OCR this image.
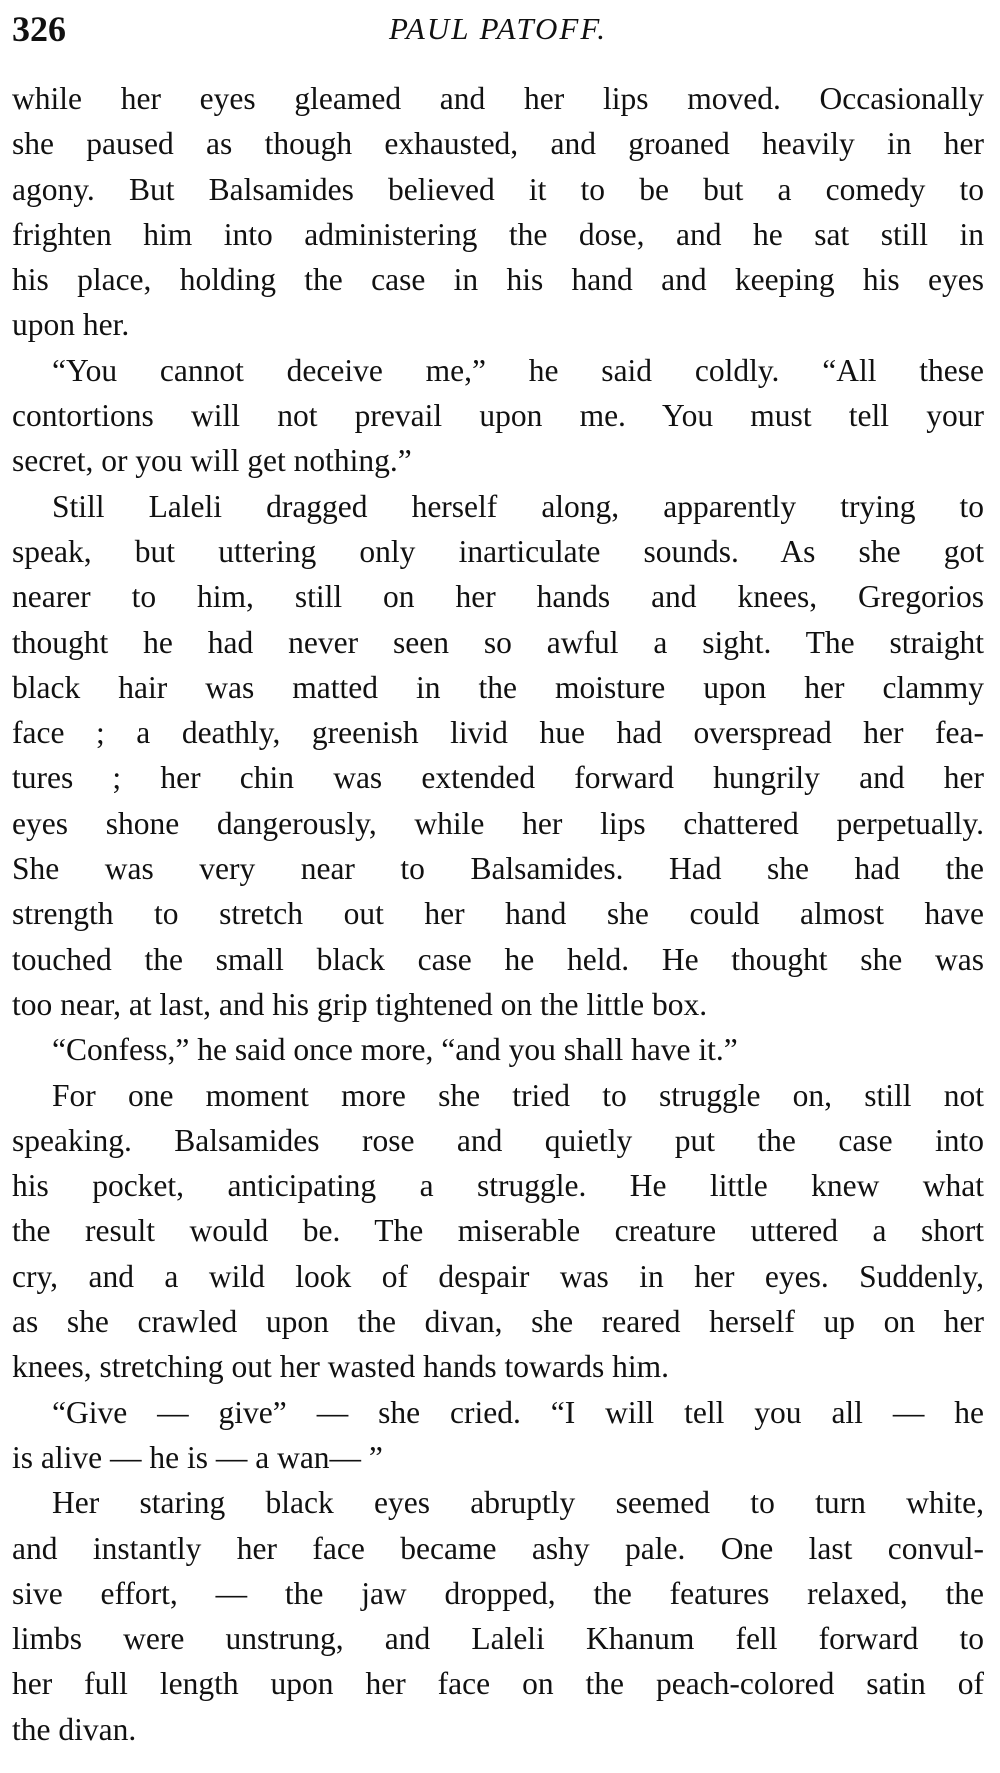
326	PAUL PATOFF.

while her eyes gleamed and her lips moved. Occasionally
she paused as though exhausted, and groaned heavily in her
agony. But Balsamides believed it to be but a comedy to
frighten him into administering the dose, and he sat still in
his place, holding the case in his hand and keeping his eyes
upon her.

“You cannot deceive me,” he said coldly. “All these
contortions will not prevail upon me. You must tell your
secret, or you will get nothing.”

Still Laleli dragged herself along, apparently trying to
speak, but uttering only inarticulate sounds. As she got
nearer to him, still on her hands and knees, Gregorios
thought he had never seen so awful a sight. The straight
black hair was matted in the moisture upon her clammy
face ; a deathly, greenish livid hue had overspread her fea-
tures ; her chin was extended forward hungrily and her
eyes shone dangerously, while her lips chattered perpetually.
She was very near to Balsamides. Had she had the
strength to stretch out her hand she could almost have
touched the small black case he held. He thought she was
too near, at last, and his grip tightened on the little box.

“Confess,” he said once more, “and you shall have it.”

For one moment more she tried to struggle on, still not
speaking. Balsamides rose and quietly put the case into
his pocket, anticipating a struggle. He little knew what
the result would be. The miserable creature uttered a short
cry, and a wild look of despair was in her eyes. Suddenly,
as she crawled upon the divan, she reared herself up on her
knees, stretching out her wasted hands towards him.

“Give — give” — she cried. “I will tell you all — he
is alive — he is — a wan— ”

Her staring black eyes abruptly seemed to turn white,
and instantly her face became ashy pale. One last convul-
sive effort, — the jaw dropped, the features relaxed, the
limbs were unstrung, and Laleli Khanum fell forward to
her full length upon her face on the peach-colored satin of
the divan.
